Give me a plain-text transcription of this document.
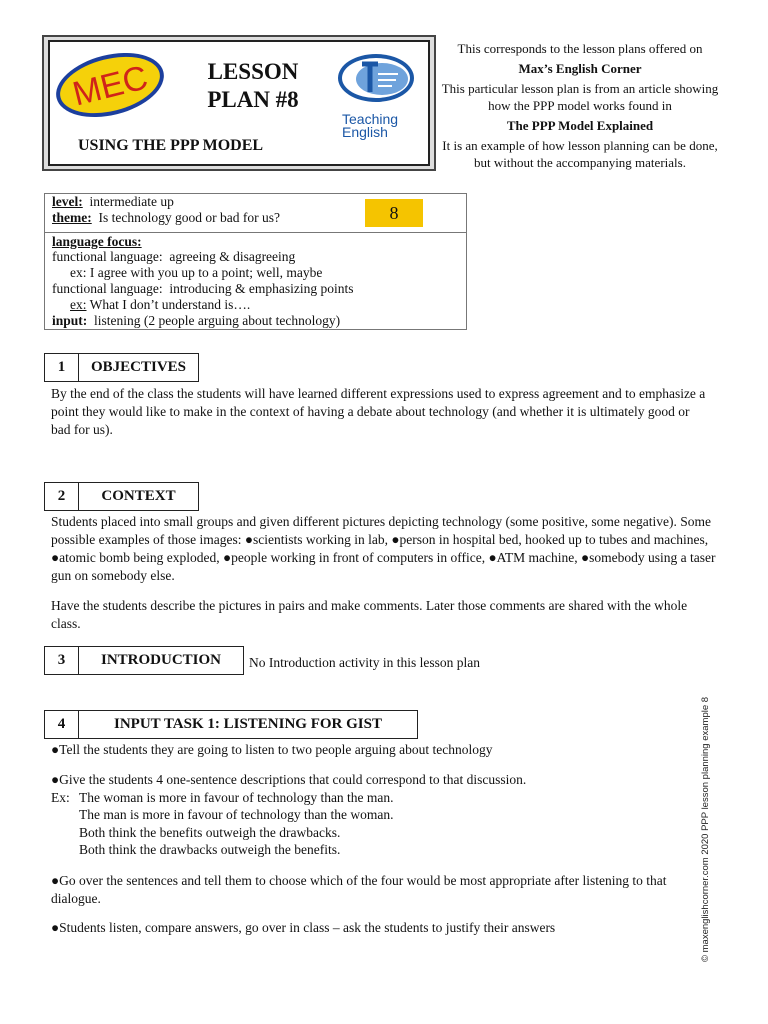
MEC	LESSON
PLAN #8
Teaching
English
USING THE PPP MODEL
This corresponds to the lesson plans offered on
Max’s English Corner
This particular lesson plan is from an article showing how the PPP model works found in
The PPP Model Explained
It is an example of how lesson planning can be done, but without the accompanying materials.
8
level: intermediate up
theme: Is technology good or bad for us?
language focus:
functional language: agreeing & disagreeing
ex: I agree with you up to a point; well, maybe
functional language: introducing & emphasizing points
ex: What I don’t understand is….
input: listening (2 people arguing about technology)
1	OBJECTIVES
By the end of the class the students will have learned different expressions used to express agreement and to emphasize a point they would like to make in the context of having a debate about technology (and whether it is ultimately good or bad for us).
2	CONTEXT
Students placed into small groups and given different pictures depicting technology (some positive, some negative). Some possible examples of those images: ●scientists working in lab, ●person in hospital bed, hooked up to tubes and machines, ●atomic bomb being exploded, ●people working in front of computers in office, ●ATM machine, ●somebody using a taser gun on somebody else.
Have the students describe the pictures in pairs and make comments. Later those comments are shared with the whole class.
3	INTRODUCTION	No Introduction activity in this lesson plan
4	INPUT TASK 1: LISTENING FOR GIST
●Tell the students they are going to listen to two people arguing about technology
●Give the students 4 one-sentence descriptions that could correspond to that discussion.
Ex: The woman is more in favour of technology than the man.
The man is more in favour of technology than the woman.
Both think the benefits outweigh the drawbacks.
Both think the drawbacks outweigh the benefits.
●Go over the sentences and tell them to choose which of the four would be most appropriate after listening to that dialogue.
●Students listen, compare answers, go over in class – ask the students to justify their answers	© maxenglishcorner.com 2020 PPP lesson planning example 8
